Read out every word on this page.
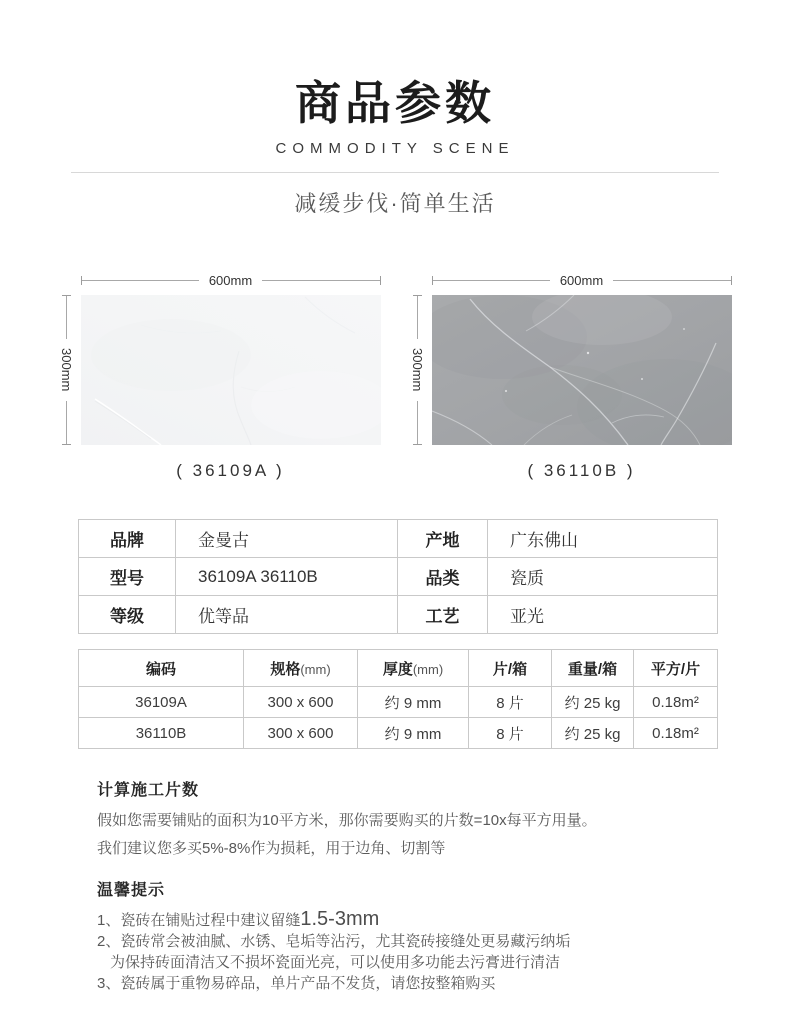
商品参数
COMMODITY SCENE
减缓步伐·简单生活
600mm
300mm
( 36109A )
600mm
300mm
( 36110B )
品牌	金曼古	产地	广东佛山
型号	36109A 36110B	品类	瓷质
等级	优等品	工艺	亚光
编码	规格(mm)	厚度(mm)	片/箱	重量/箱	平方/片
36109A	300 x 600	约 9 mm	8 片	约 25 kg	0.18m²
36110B	300 x 600	约 9 mm	8 片	约 25 kg	0.18m²
计算施工片数
假如您需要铺贴的面积为10平方米，那你需要购买的片数=10x每平方用量。
我们建议您多买5%-8%作为损耗，用于边角、切割等
温馨提示
1、瓷砖在铺贴过程中建议留缝1.5-3mm
2、瓷砖常会被油腻、水锈、皂垢等沾污，尤其瓷砖接缝处更易藏污纳垢
为保持砖面清洁又不损坏瓷面光亮，可以使用多功能去污膏进行清洁
3、瓷砖属于重物易碎品，单片产品不发货，请您按整箱购买
